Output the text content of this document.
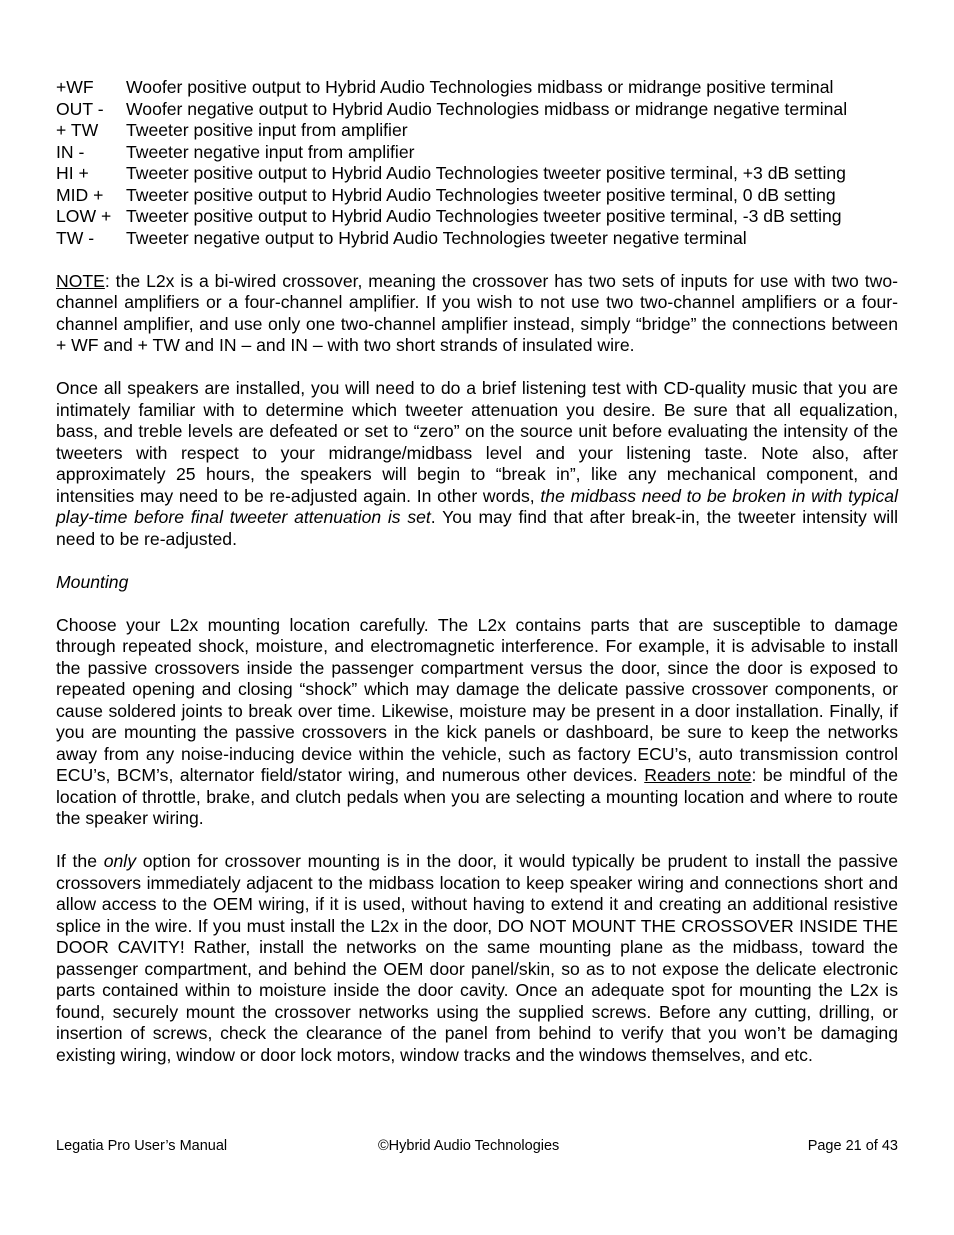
+WF	Woofer positive output to Hybrid Audio Technologies midbass or midrange positive terminal
OUT -	Woofer negative output to Hybrid Audio Technologies midbass or midrange negative terminal
+ TW	Tweeter positive input from amplifier
IN -	Tweeter negative input from amplifier
HI +	Tweeter positive output to Hybrid Audio Technologies tweeter positive terminal, +3 dB setting
MID +	Tweeter positive output to Hybrid Audio Technologies tweeter positive terminal, 0 dB setting
LOW + Tweeter positive output to Hybrid Audio Technologies tweeter positive terminal, -3 dB setting
TW -	Tweeter negative output to Hybrid Audio Technologies tweeter negative terminal

NOTE: the L2x is a bi-wired crossover, meaning the crossover has two sets of inputs for use with two two-channel amplifiers or a four-channel amplifier. If you wish to not use two two-channel amplifiers or a four-channel amplifier, and use only one two-channel amplifier instead, simply “bridge” the connections between + WF and + TW and IN – and IN – with two short strands of insulated wire.

Once all speakers are installed, you will need to do a brief listening test with CD-quality music that you are intimately familiar with to determine which tweeter attenuation you desire. Be sure that all equalization, bass, and treble levels are defeated or set to “zero” on the source unit before evaluating the intensity of the tweeters with respect to your midrange/midbass level and your listening taste. Note also, after approximately 25 hours, the speakers will begin to “break in”, like any mechanical component, and intensities may need to be re-adjusted again. In other words, the midbass need to be broken in with typical play-time before final tweeter attenuation is set. You may find that after break-in, the tweeter intensity will need to be re-adjusted.

Mounting

Choose your L2x mounting location carefully. The L2x contains parts that are susceptible to damage through repeated shock, moisture, and electromagnetic interference. For example, it is advisable to install the passive crossovers inside the passenger compartment versus the door, since the door is exposed to repeated opening and closing “shock” which may damage the delicate passive crossover components, or cause soldered joints to break over time. Likewise, moisture may be present in a door installation. Finally, if you are mounting the passive crossovers in the kick panels or dashboard, be sure to keep the networks away from any noise-inducing device within the vehicle, such as factory ECU’s, auto transmission control ECU’s, BCM’s, alternator field/stator wiring, and numerous other devices. Readers note: be mindful of the location of throttle, brake, and clutch pedals when you are selecting a mounting location and where to route the speaker wiring.

If the only option for crossover mounting is in the door, it would typically be prudent to install the passive crossovers immediately adjacent to the midbass location to keep speaker wiring and connections short and allow access to the OEM wiring, if it is used, without having to extend it and creating an additional resistive splice in the wire. If you must install the L2x in the door, DO NOT MOUNT THE CROSSOVER INSIDE THE DOOR CAVITY! Rather, install the networks on the same mounting plane as the midbass, toward the passenger compartment, and behind the OEM door panel/skin, so as to not expose the delicate electronic parts contained within to moisture inside the door cavity. Once an adequate spot for mounting the L2x is found, securely mount the crossover networks using the supplied screws. Before any cutting, drilling, or insertion of screws, check the clearance of the panel from behind to verify that you won’t be damaging existing wiring, window or door lock motors, window tracks and the windows themselves, and etc.

Legatia Pro User’s Manual	©Hybrid Audio Technologies	Page 21 of 43
